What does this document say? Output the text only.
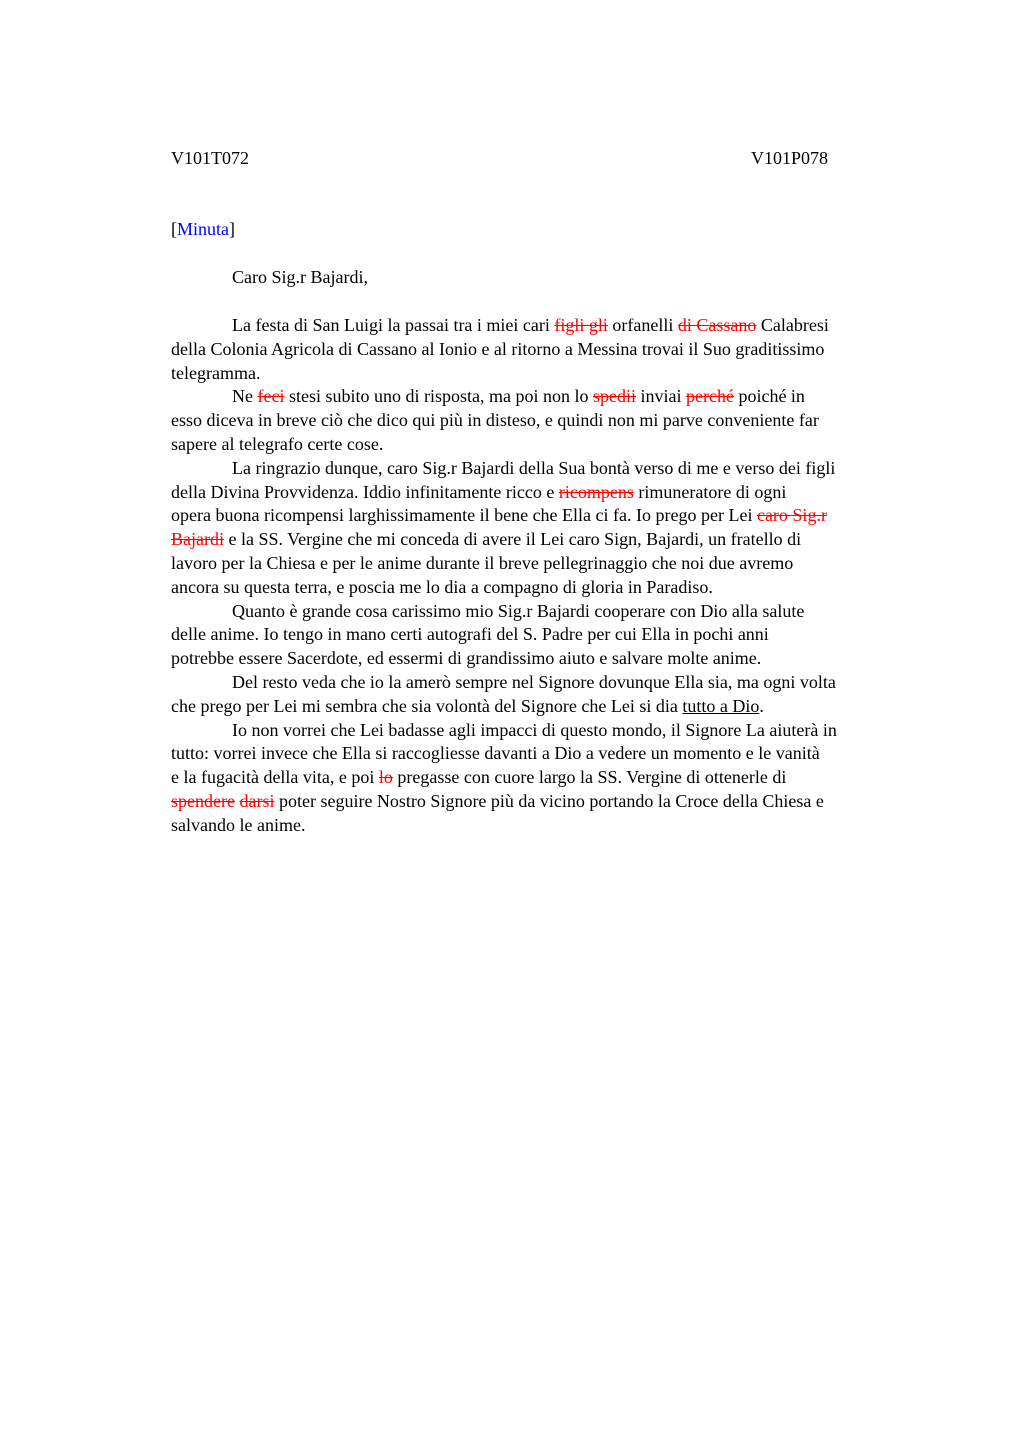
V101T072	V101P078
[Minuta]
Caro Sig.r Bajardi,
La festa di San Luigi la passai tra i miei cari figli gli orfanelli di Cassano Calabresi
della Colonia Agricola di Cassano al Ionio e al ritorno a Messina trovai il Suo graditissimo
telegramma.
Ne feci stesi subito uno di risposta, ma poi non lo spedii inviai perché poiché in
esso diceva in breve ciò che dico qui più in disteso, e quindi non mi parve conveniente far
sapere al telegrafo certe cose.
La ringrazio dunque, caro Sig.r Bajardi della Sua bontà verso di me e verso dei figli
della Divina Provvidenza. Iddio infinitamente ricco e ricompens rimuneratore di ogni
opera buona ricompensi larghissimamente il bene che Ella ci fa. Io prego per Lei caro Sig.r
Bajardi e la SS. Vergine che mi conceda di avere il Lei caro Sign, Bajardi, un fratello di
lavoro per la Chiesa e per le anime durante il breve pellegrinaggio che noi due avremo
ancora su questa terra, e poscia me lo dia a compagno di gloria in Paradiso.
Quanto è grande cosa carissimo mio Sig.r Bajardi cooperare con Dio alla salute
delle anime. Io tengo in mano certi autografi del S. Padre per cui Ella in pochi anni
potrebbe essere Sacerdote, ed essermi di grandissimo aiuto e salvare molte anime.
Del resto veda che io la amerò sempre nel Signore dovunque Ella sia, ma ogni volta
che prego per Lei mi sembra che sia volontà del Signore che Lei si dia tutto a Dio.
Io non vorrei che Lei badasse agli impacci di questo mondo, il Signore La aiuterà in
tutto: vorrei invece che Ella si raccogliesse davanti a Dio a vedere un momento e le vanità
e la fugacità della vita, e poi lo pregasse con cuore largo la SS. Vergine di ottenerle di
spendere darsi poter seguire Nostro Signore più da vicino portando la Croce della Chiesa e
salvando le anime.
